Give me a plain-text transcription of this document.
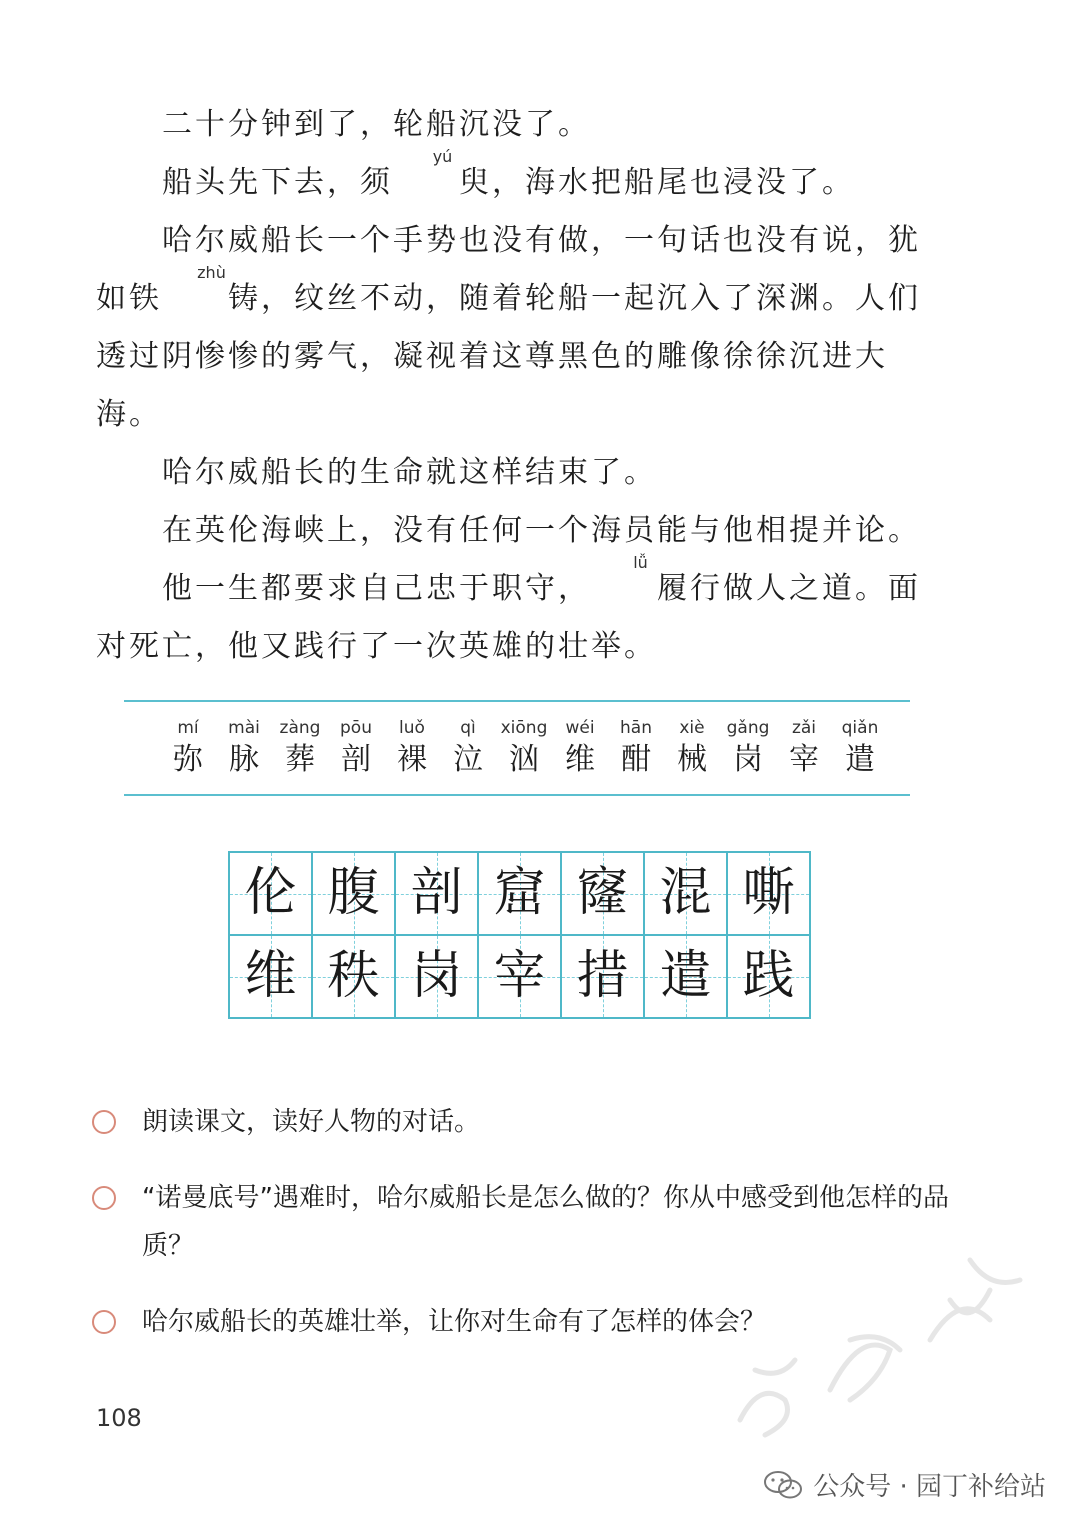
二十分钟到了，轮船沉没了。

船头先下去，须
yú
臾，海水把船尾也浸没了。

哈尔威船长一个手势也没有做，一句话也没有说，犹如铁
zhù
铸，纹丝不动，随着轮船一起沉入了深渊。人们透过阴惨惨的雾气，凝视着这尊黑色的雕像徐徐沉进大海。

哈尔威船长的生命就这样结束了。

在英伦海峡上，没有任何一个海员能与他相提并论。

他一生都要求自己忠于职守，
lǚ
履行做人之道。面对死亡，他又践行了一次英雄的壮举。

mí
弥
mài
脉
zàng
葬
pōu
剖
luǒ
裸
qì
泣
xiōng
汹
wéi
维
hān
酣
xiè
械
gǎng
岗
zǎi
宰
qiǎn
遣
伦	腹	剖	窟	窿	混	嘶

维	秩	岗	宰	措	遣	践
朗读课文，读好人物的对话。
“诺曼底号”遇难时，哈尔威船长是怎么做的？你从中感受到他怎样的品质？
哈尔威船长的英雄壮举，让你对生命有了怎样的体会？
108
公众号 · 园丁补给站
